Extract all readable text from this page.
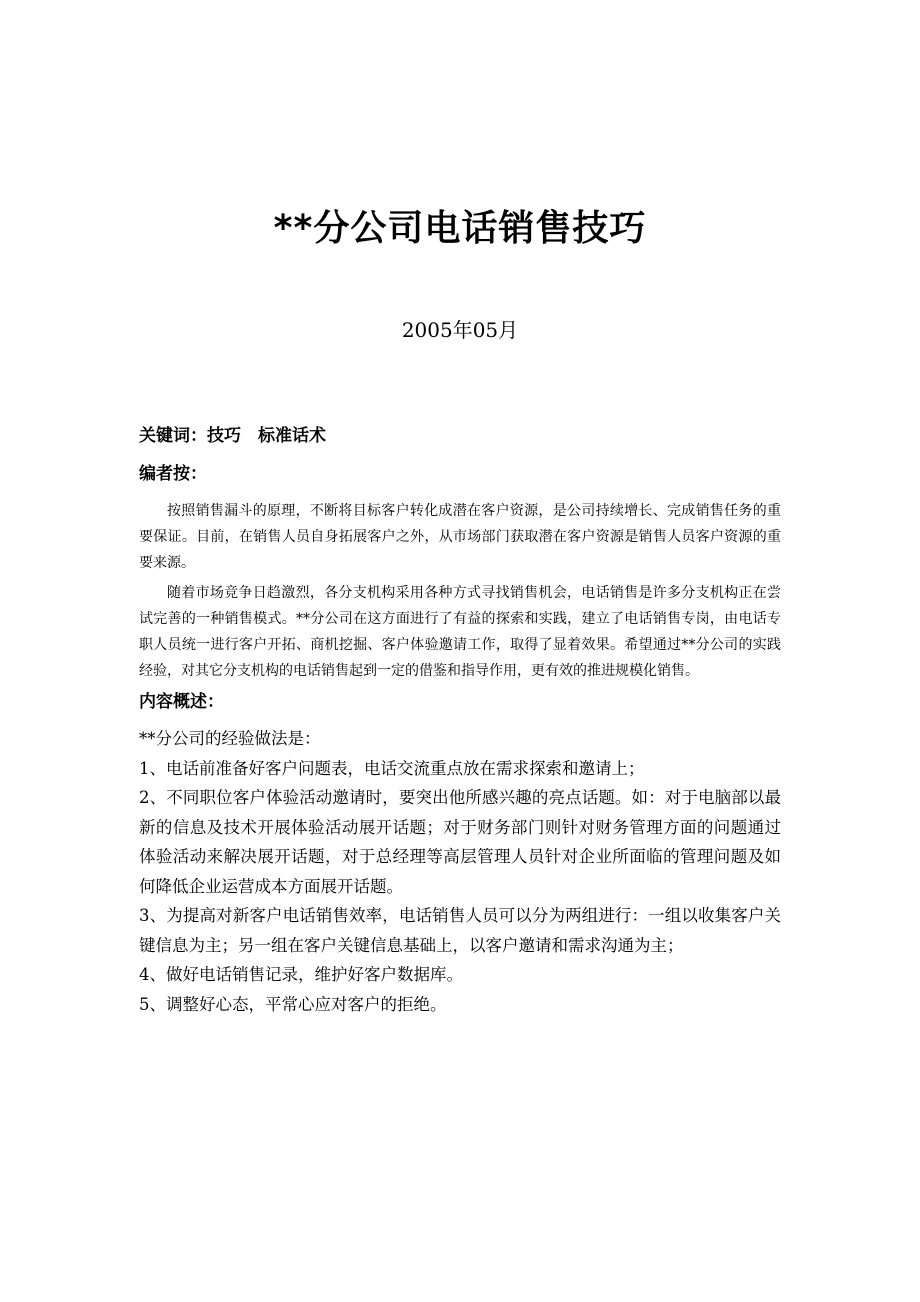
**分公司电话销售技巧
2005年05月
关键词：技巧　标准话术
编者按：

按照销售漏斗的原理，不断将目标客户转化成潜在客户资源，是公司持续增长、完成销售任务的重要保证。目前，在销售人员自身拓展客户之外，从市场部门获取潜在客户资源是销售人员客户资源的重要来源。

随着市场竞争日趋激烈，各分支机构采用各种方式寻找销售机会，电话销售是许多分支机构正在尝试完善的一种销售模式。**分公司在这方面进行了有益的探索和实践，建立了电话销售专岗，由电话专职人员统一进行客户开拓、商机挖掘、客户体验邀请工作，取得了显着效果。希望通过**分公司的实践经验，对其它分支机构的电话销售起到一定的借鉴和指导作用，更有效的推进规模化销售。

内容概述：

**分公司的经验做法是：

1、电话前准备好客户问题表，电话交流重点放在需求探索和邀请上；

2、不同职位客户体验活动邀请时，要突出他所感兴趣的亮点话题。如：对于电脑部以最新的信息及技术开展体验活动展开话题；对于财务部门则针对财务管理方面的问题通过体验活动来解决展开话题，对于总经理等高层管理人员针对企业所面临的管理问题及如何降低企业运营成本方面展开话题。

3、为提高对新客户电话销售效率，电话销售人员可以分为两组进行：一组以收集客户关键信息为主；另一组在客户关键信息基础上，以客户邀请和需求沟通为主；

4、做好电话销售记录，维护好客户数据库。

5、调整好心态，平常心应对客户的拒绝。
